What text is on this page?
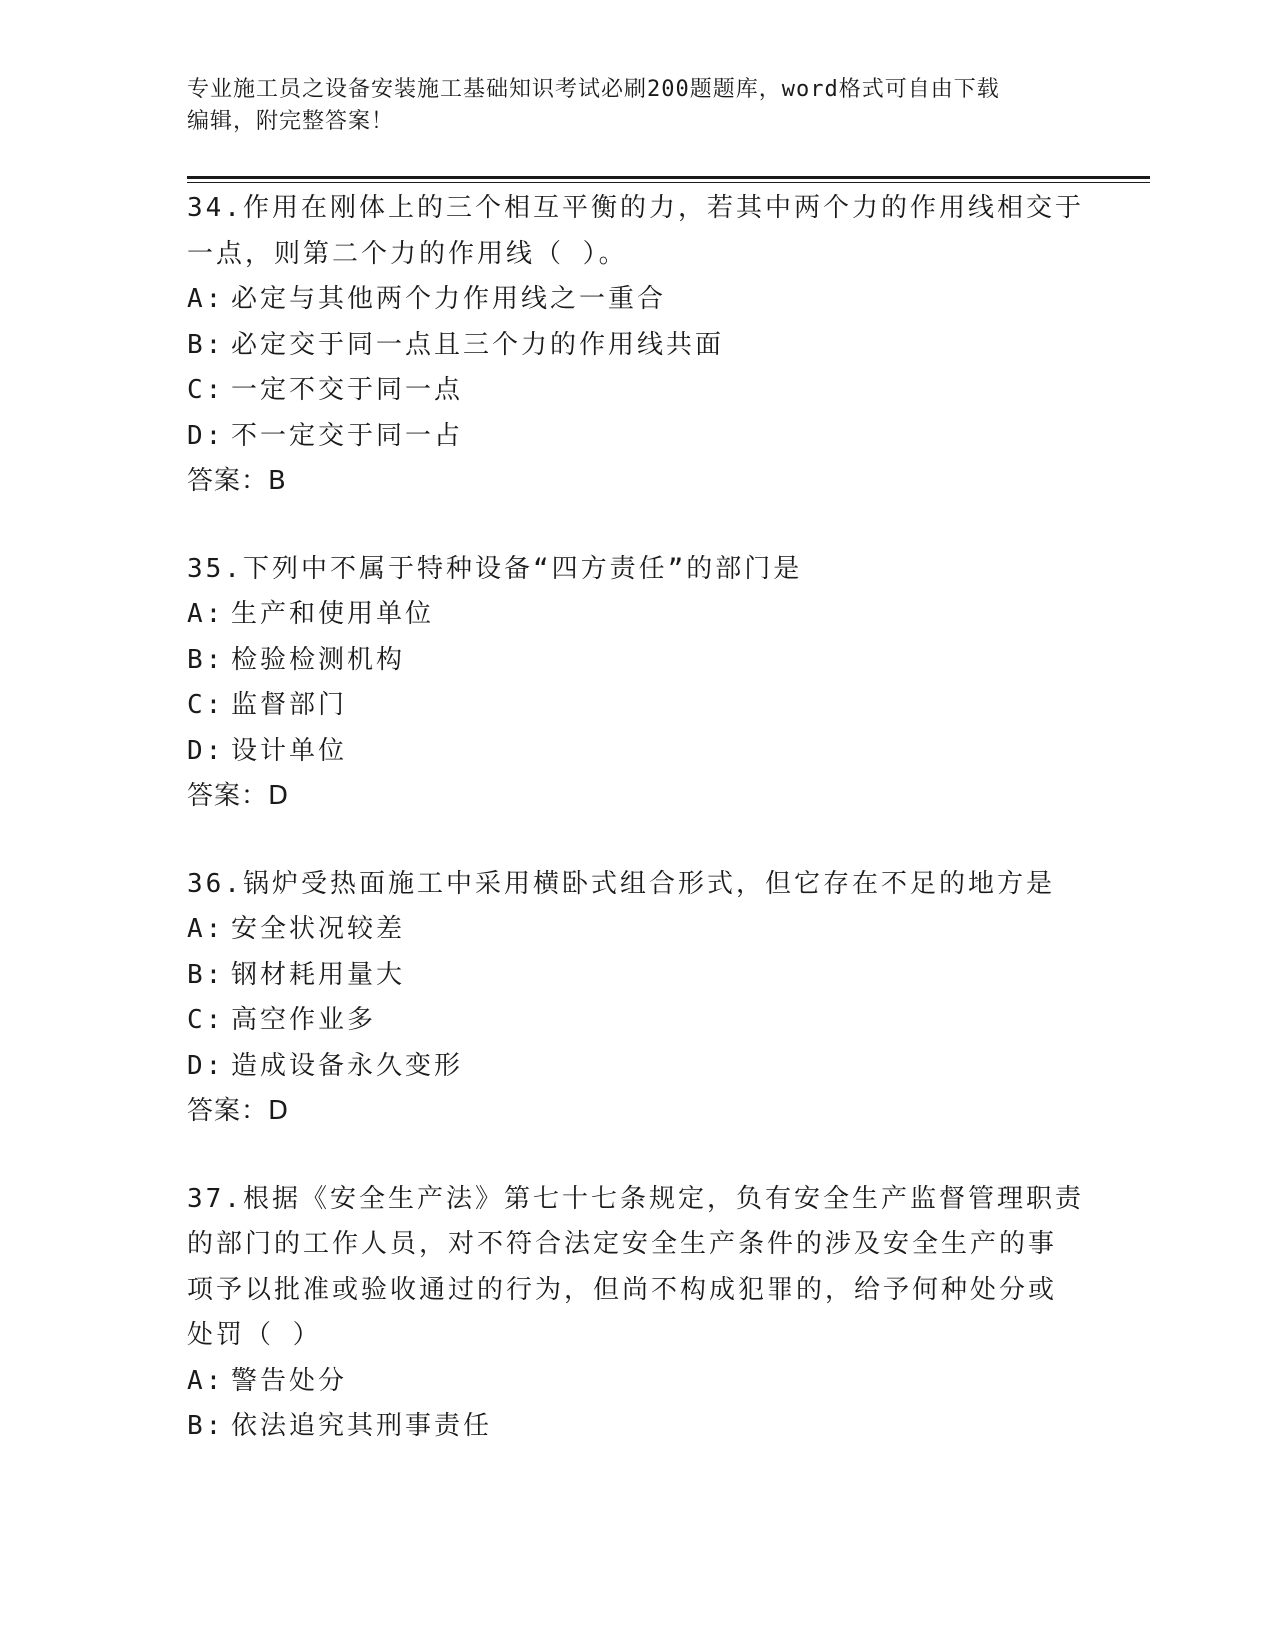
专业施工员之设备安装施工基础知识考试必刷200题题库，word格式可自由下载
编辑，附完整答案！

34.作用在刚体上的三个相互平衡的力，若其中两个力的作用线相交于

一点，则第二个力的作用线（ ）。

A: 必定与其他两个力作用线之一重合

B: 必定交于同一点且三个力的作用线共面

C: 一定不交于同一点

D: 不一定交于同一占

答案：B

35.下列中不属于特种设备“四方责任”的部门是

A: 生产和使用单位

B: 检验检测机构

C: 监督部门

D: 设计单位

答案：D

36.锅炉受热面施工中采用横卧式组合形式，但它存在不足的地方是

A: 安全状况较差

B: 钢材耗用量大

C: 高空作业多

D: 造成设备永久变形

答案：D

37.根据《安全生产法》第七十七条规定，负有安全生产监督管理职责

的部门的工作人员，对不符合法定安全生产条件的涉及安全生产的事

项予以批准或验收通过的行为，但尚不构成犯罪的，给予何种处分或

处罚（ ）

A: 警告处分

B: 依法追究其刑事责任
